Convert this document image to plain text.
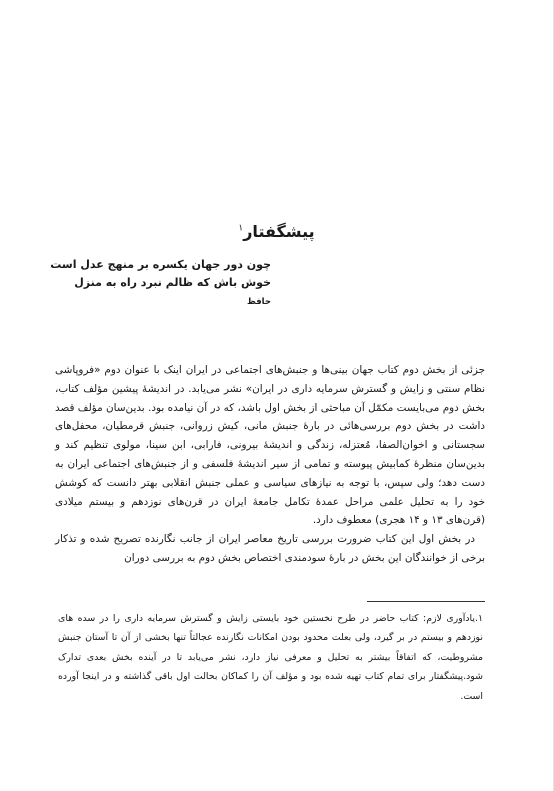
پیشگفتار$^۱$
چون دور جهان یکسره بر منهج عدل است
خوش باش که ظالم نبرد راه به منزل
حافظ

جزئی از بخش دوم کتاب جهان بینی‌ها و جنبش‌های اجتماعی در ایران اینک با عنوان دوم «فروپاشی نظام سنتی و زایش و گسترش سرمایه داری در ایران» نشر می‌یابد. در اندیشهٔ پیشین مؤلف کتاب، بخش دوم می‌بایست مکمّل آن مباحثی از بخش اول باشد، که در آن نیامده بود. بدین‌سان مؤلف قصد داشت در بخش دوم بررسی‌هائی در بارهٔ جنبش مانی، کیش زروانی، جنبش قرمطیان، محفل‌های سجستانی و اخوان‌الصفا، مُعتزله، زندگی و اندیشهٔ بیرونی، فارابی، ابن سینا، مولوی تنظیم کند و بدین‌سان منظرهٔ کمابیش پیوسته و تمامی از سیر اندیشهٔ فلسفی و از جنبش‌های اجتماعی ایران به دست دهد؛ ولی سپس، با توجه به نیازهای سیاسی و عملی جنبش انقلابی بهتر دانست که کوشش خود را به تحلیل علمی مراحل عمدهٔ تکامل جامعهٔ ایران در قرن‌های نوزدهم و بیستم میلادی (قرن‌های ۱۳ و ۱۴ هجری) معطوف دارد.

در بخش اول این کتاب ضرورت بررسی تاریخ معاصر ایران از جانب نگارنده تصریح شده و تذکار برخی از خوانندگان این بخش در بارهٔ سودمندی اختصاص بخش دوم به بررسی دوران

۱.یادآوری لازم: کتاب حاضر در طرح نخستین خود بایستی زایش و گسترش سرمایه داری را در سده های نوزدهم و بیستم در بر گیرد، ولی بعلت محدود بودن امکانات نگارنده عجالتاً تنها بخشی از آن تا آستان جنبش مشروطیت، که اتفاقاً بیشتر به تحلیل و معرفی نیاز دارد، نشر می‌یابد تا در آینده بخش بعدی تدارک شود.پیشگفتار برای تمام کتاب تهیه شده بود و مؤلف آن را کماکان بحالت اول باقی گذاشته و در اینجا آورده است.
